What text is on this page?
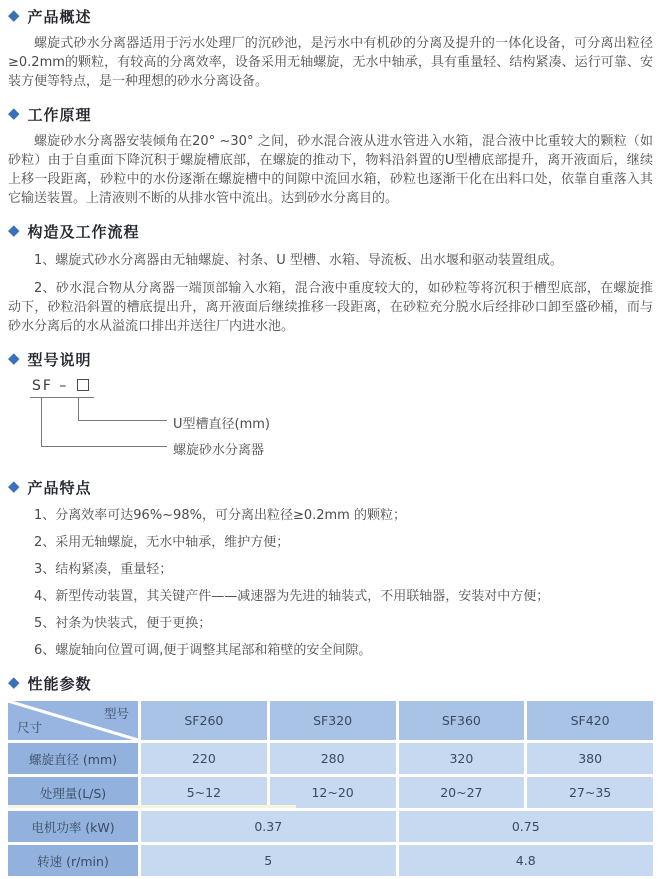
◆ 产品概述

螺旋式砂水分离器适用于污水处理厂的沉砂池，是污水中有机砂的分离及提升的一体化设备，可分离出粒径≥0.2mm的颗粒，有较高的分离效率，设备采用无轴螺旋，无水中轴承，具有重量轻、结构紧凑、运行可靠、安装方便等特点，是一种理想的砂水分离设备。

◆ 工作原理

螺旋砂水分离器安装倾角在20° ~30° 之间，砂水混合液从进水管进入水箱，混合液中比重较大的颗粒（如砂粒）由于自重面下降沉积于螺旋槽底部，在螺旋的推动下，物料沿斜置的U型槽底部提升，离开液面后，继续上移一段距离，砂粒中的水份逐渐在螺旋槽中的间隙中流回水箱，砂粒也逐渐干化在出料口处，依靠自重落入其它输送装置。上清液则不断的从排水管中流出。达到砂水分离目的。

◆ 构造及工作流程

1、螺旋式砂水分离器由无轴螺旋、衬条、U 型槽、水箱、导流板、出水堰和驱动装置组成。

2、砂水混合物从分离器一端顶部输入水箱，混合液中重度较大的，如砂粒等将沉积于槽型底部，在螺旋推动下，砂粒沿斜置的槽底提出升，离开液面后继续推移一段距离，在砂粒充分脱水后经排砂口卸至盛砂桶，而与砂水分离后的水从溢流口排出并送往厂内进水池。

◆ 型号说明
SF –
U型槽直径(mm)
螺旋砂水分离器
◆ 产品特点

1、分离效率可达96%~98%，可分离出粒径≥0.2mm 的颗粒；

2、采用无轴螺旋，无水中轴承，维护方便；

3、结构紧凑，重量轻；

4、新型传动装置，其关键产件——减速器为先进的轴装式，不用联轴器，安装对中方便；

5、衬条为快装式，便于更换；

6、螺旋轴向位置可调,便于调整其尾部和箱壁的安全间隙。

◆ 性能参数
型号
尺寸	SF260	SF320	SF360	SF420
螺旋直径 (mm)	220	280	320	380
处理量(L/S)	5~12	12~20	20~27	27~35
电机功率 (kW)	0.37		0.75	
转速 (r/min)	5		4.8	
